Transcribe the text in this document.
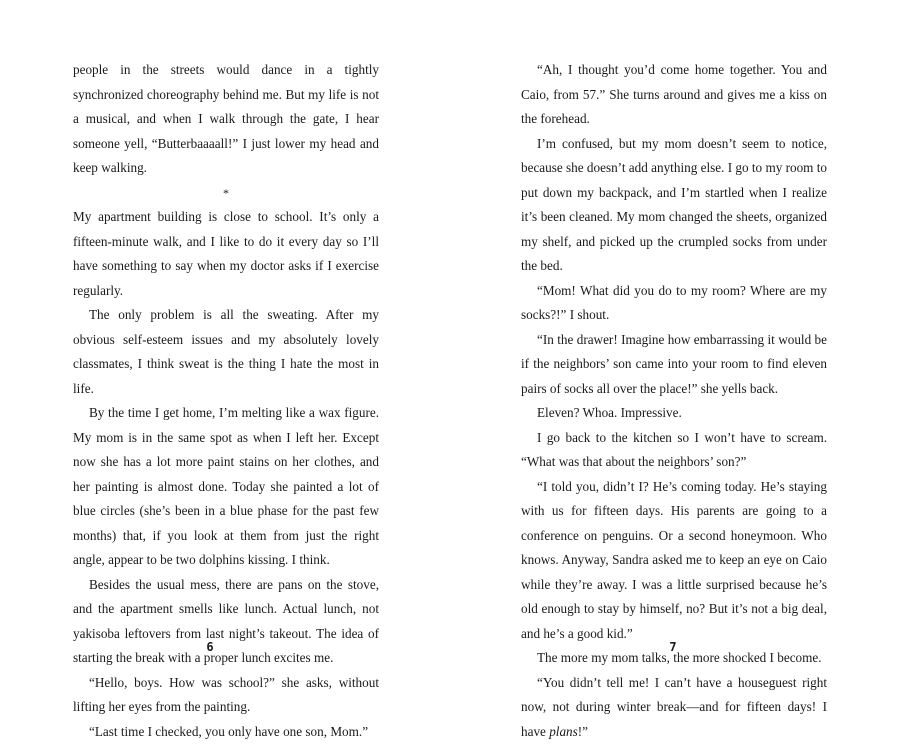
people in the streets would dance in a tightly synchronized choreography behind me. But my life is not a musical, and when I walk through the gate, I hear someone yell, “Butterbaaaall!” I just lower my head and keep walking.

*

My apartment building is close to school. It’s only a fifteen-minute walk, and I like to do it every day so I’ll have something to say when my doctor asks if I exercise regularly.

The only problem is all the sweating. After my obvious self-esteem issues and my absolutely lovely classmates, I think sweat is the thing I hate the most in life.

By the time I get home, I’m melting like a wax figure. My mom is in the same spot as when I left her. Except now she has a lot more paint stains on her clothes, and her painting is almost done. Today she painted a lot of blue circles (she’s been in a blue phase for the past few months) that, if you look at them from just the right angle, appear to be two dolphins kissing. I think.

Besides the usual mess, there are pans on the stove, and the apartment smells like lunch. Actual lunch, not yakisoba leftovers from last night’s takeout. The idea of starting the break with a proper lunch excites me.

“Hello, boys. How was school?” she asks, without lifting her eyes from the painting.

“Last time I checked, you only have one son, Mom.”

6

“Ah, I thought you’d come home together. You and Caio, from 57.” She turns around and gives me a kiss on the forehead.

I’m confused, but my mom doesn’t seem to notice, because she doesn’t add anything else. I go to my room to put down my backpack, and I’m startled when I realize it’s been cleaned. My mom changed the sheets, organized my shelf, and picked up the crumpled socks from under the bed.

“Mom! What did you do to my room? Where are my socks?!” I shout.

“In the drawer! Imagine how embarrassing it would be if the neighbors’ son came into your room to find eleven pairs of socks all over the place!” she yells back.

Eleven? Whoa. Impressive.

I go back to the kitchen so I won’t have to scream. “What was that about the neighbors’ son?”

“I told you, didn’t I? He’s coming today. He’s staying with us for fifteen days. His parents are going to a conference on penguins. Or a second honeymoon. Who knows. Anyway, Sandra asked me to keep an eye on Caio while they’re away. I was a little surprised because he’s old enough to stay by himself, no? But it’s not a big deal, and he’s a good kid.”

The more my mom talks, the more shocked I become.

“You didn’t tell me! I can’t have a houseguest right now, not during winter break—and for fifteen days! I have plans!”

7
